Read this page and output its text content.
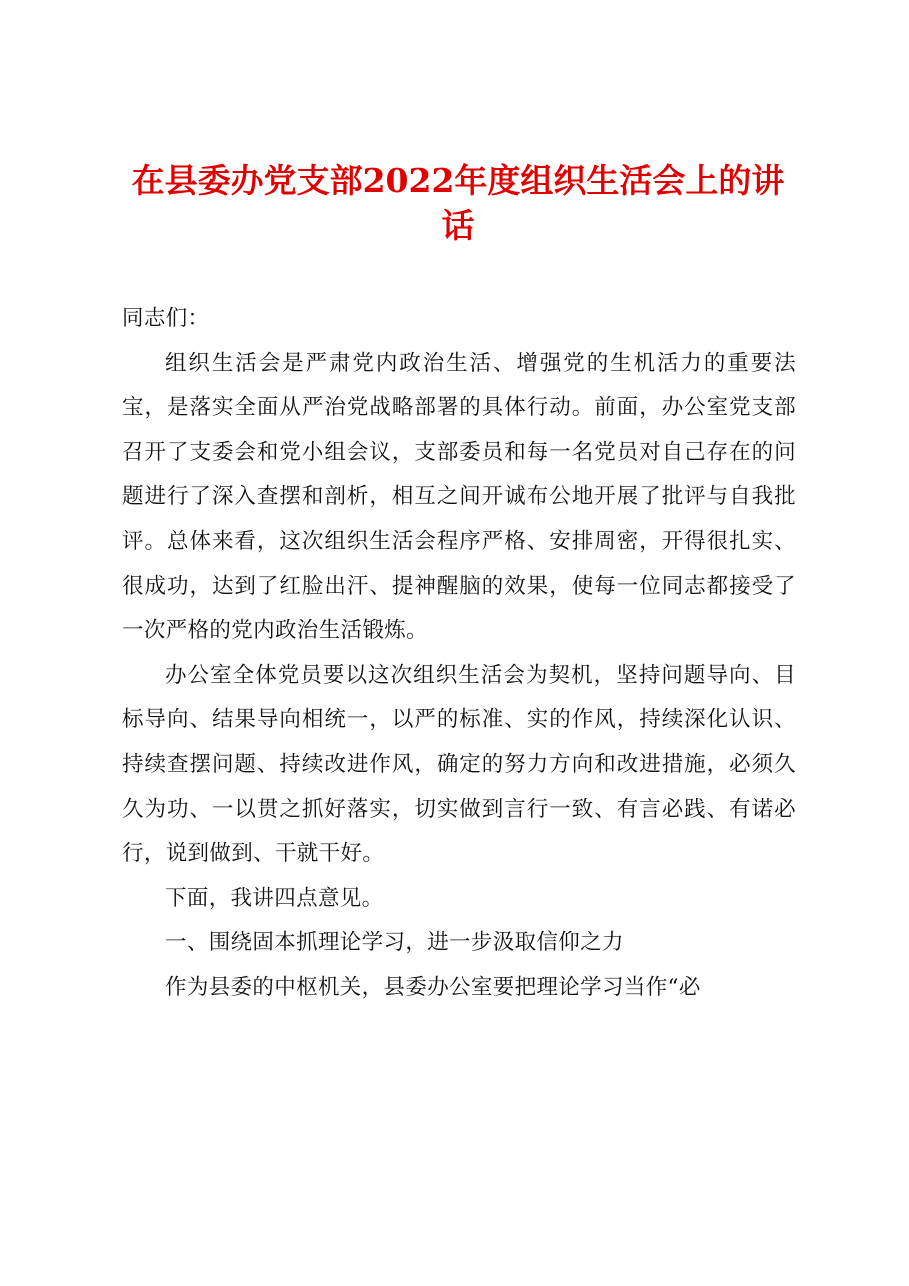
在县委办党支部2022年度组织生活会上的讲话

同志们：

组织生活会是严肃党内政治生活、增强党的生机活力的重要法宝，是落实全面从严治党战略部署的具体行动。前面，办公室党支部召开了支委会和党小组会议，支部委员和每一名党员对自己存在的问题进行了深入查摆和剖析，相互之间开诚布公地开展了批评与自我批评。总体来看，这次组织生活会程序严格、安排周密，开得很扎实、很成功，达到了红脸出汗、提神醒脑的效果，使每一位同志都接受了一次严格的党内政治生活锻炼。

办公室全体党员要以这次组织生活会为契机，坚持问题导向、目标导向、结果导向相统一，以严的标准、实的作风，持续深化认识、持续查摆问题、持续改进作风，确定的努力方向和改进措施，必须久久为功、一以贯之抓好落实，切实做到言行一致、有言必践、有诺必行，说到做到、干就干好。

下面，我讲四点意见。

一、围绕固本抓理论学习，进一步汲取信仰之力

作为县委的中枢机关，县委办公室要把理论学习当作“必
